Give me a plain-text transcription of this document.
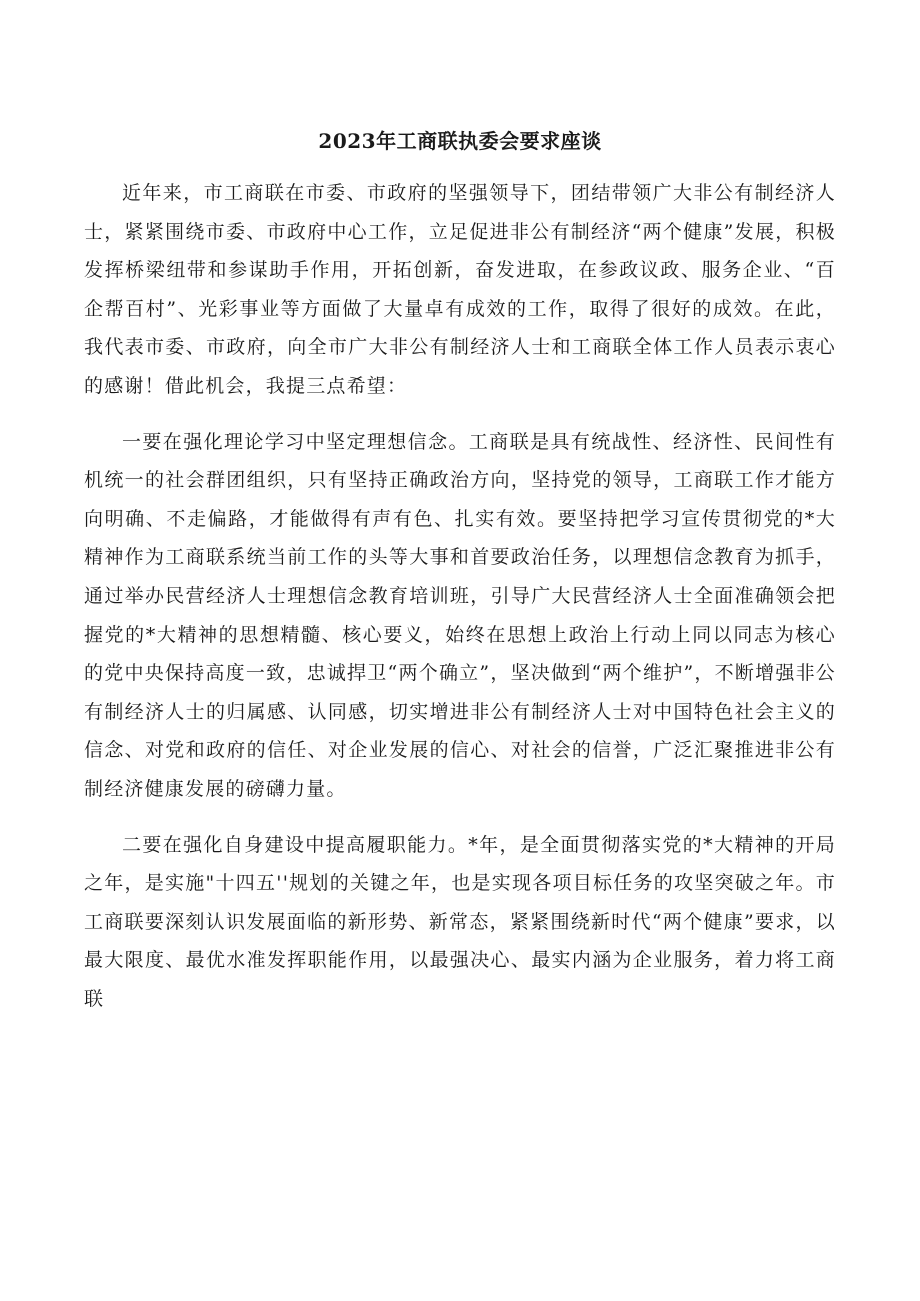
2023年工商联执委会要求座谈

近年来，市工商联在市委、市政府的坚强领导下，团结带领广大非公有制经济人士，紧紧围绕市委、市政府中心工作，立足促进非公有制经济“两个健康”发展，积极发挥桥梁纽带和参谋助手作用，开拓创新，奋发进取，在参政议政、服务企业、“百企帮百村”、光彩事业等方面做了大量卓有成效的工作，取得了很好的成效。在此，我代表市委、市政府，向全市广大非公有制经济人士和工商联全体工作人员表示衷心的感谢！借此机会，我提三点希望：

一要在强化理论学习中坚定理想信念。工商联是具有统战性、经济性、民间性有机统一的社会群团组织，只有坚持正确政治方向，坚持党的领导，工商联工作才能方向明确、不走偏路，才能做得有声有色、扎实有效。要坚持把学习宣传贯彻党的*大精神作为工商联系统当前工作的头等大事和首要政治任务，以理想信念教育为抓手，通过举办民营经济人士理想信念教育培训班，引导广大民营经济人士全面准确领会把握党的*大精神的思想精髓、核心要义，始终在思想上政治上行动上同以同志为核心的党中央保持高度一致，忠诚捍卫“两个确立”，坚决做到“两个维护”，不断增强非公有制经济人士的归属感、认同感，切实增进非公有制经济人士对中国特色社会主义的信念、对党和政府的信任、对企业发展的信心、对社会的信誉，广泛汇聚推进非公有制经济健康发展的磅礴力量。

二要在强化自身建设中提高履职能力。*年，是全面贯彻落实党的*大精神的开局之年，是实施"十四五''规划的关键之年，也是实现各项目标任务的攻坚突破之年。市工商联要深刻认识发展面临的新形势、新常态，紧紧围绕新时代“两个健康”要求，以最大限度、最优水准发挥职能作用，以最强决心、最实内涵为企业服务，着力将工商联
